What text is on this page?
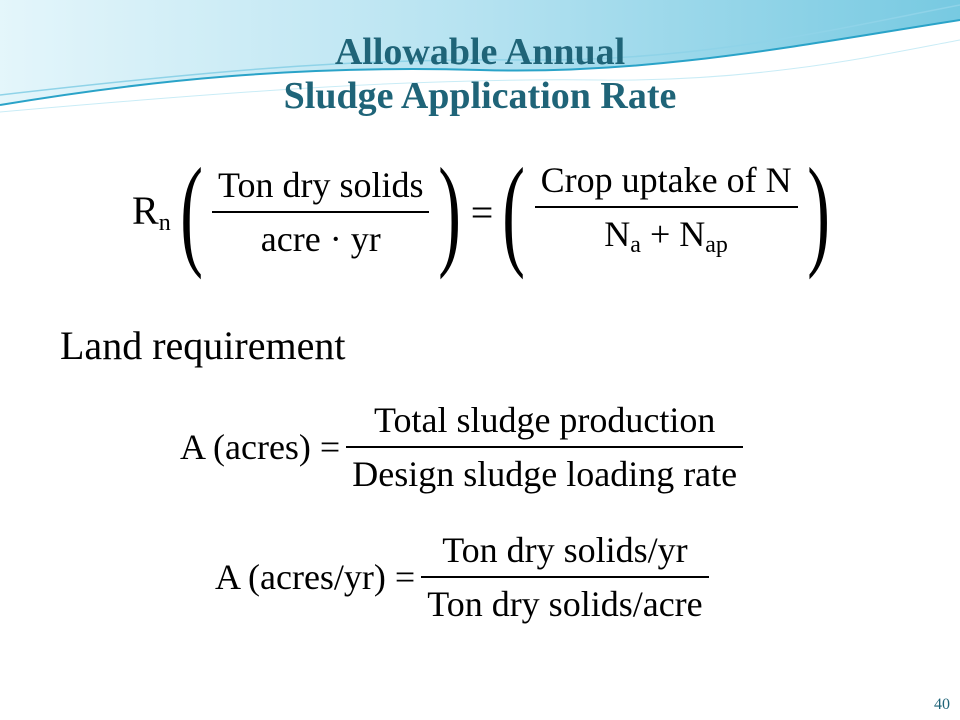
Allowable Annual
Sludge Application Rate
$R_n$ ( $\frac{\text{Ton dry solids}}{\text{acre · yr}}$ ) = ( $\frac{\text{Crop uptake of N}}{N_a + N_{ap}}$ )
Land requirement
A (acres) = $\frac{\text{Total sludge production}}{\text{Design sludge loading rate}}$
A (acres/yr) = $\frac{\text{Ton dry solids/yr}}{\text{Ton dry solids/acre}}$
40
